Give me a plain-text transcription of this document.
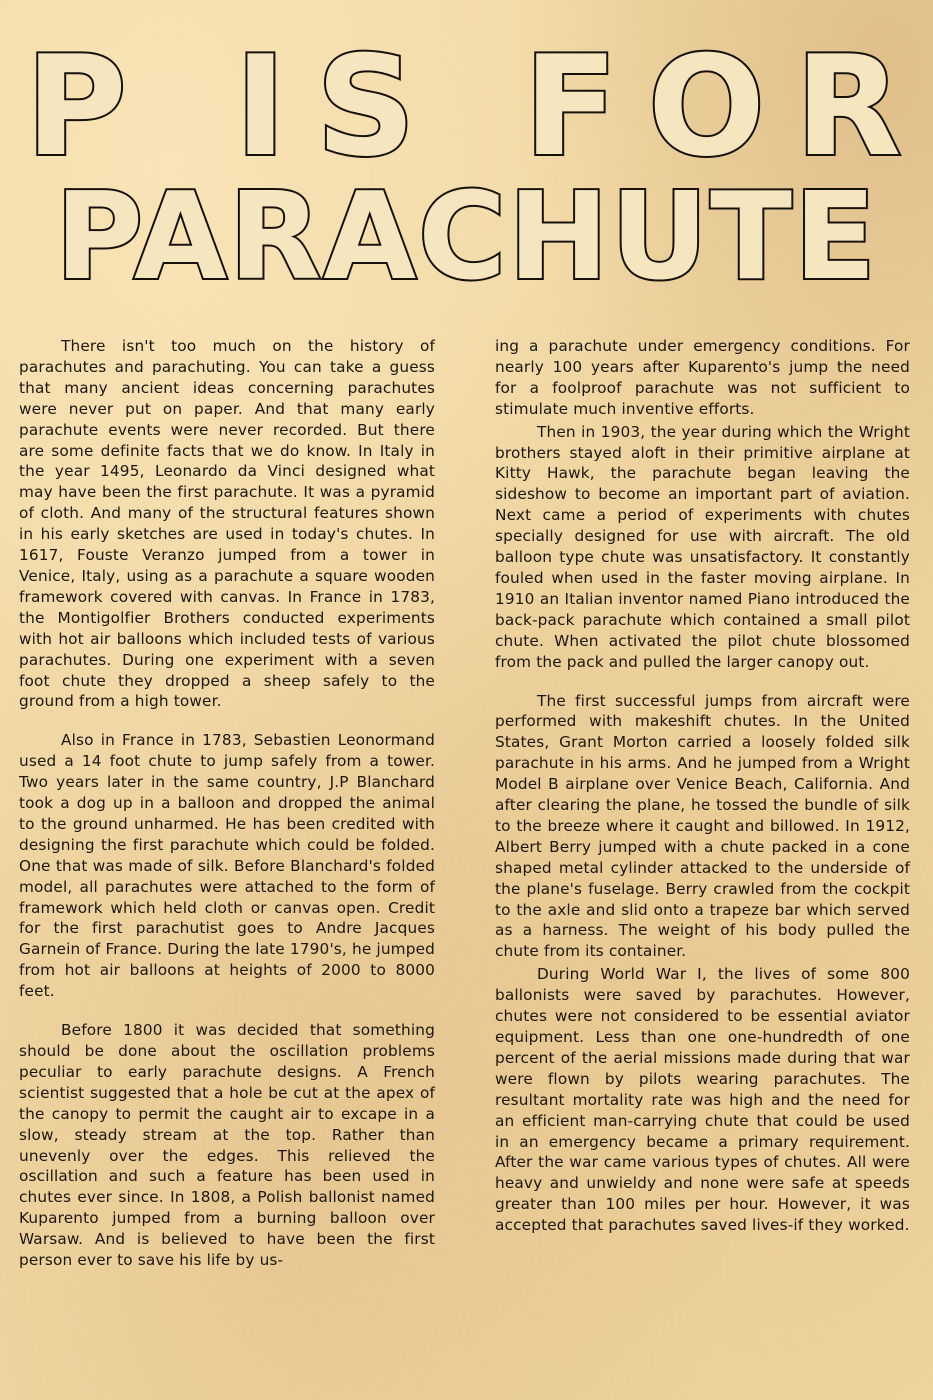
P IS FOR
PARACHUTE

There isn't too much on the history of parachutes and parachuting. You can take a guess that many ancient ideas concerning parachutes were never put on paper. And that many early parachute events were never recorded. But there are some definite facts that we do know. In Italy in the year 1495, Leonardo da Vinci designed what may have been the first parachute. It was a pyramid of cloth. And many of the structural features shown in his early sketches are used in today's chutes. In 1617, Fouste Veranzo jumped from a tower in Venice, Italy, using as a parachute a square wooden framework covered with canvas. In France in 1783, the Montigolfier Brothers conducted experiments with hot air balloons which included tests of various parachutes. During one experiment with a seven foot chute they dropped a sheep safely to the ground from a high tower.

Also in France in 1783, Sebastien Leonormand used a 14 foot chute to jump safely from a tower. Two years later in the same country, J.P Blanchard took a dog up in a balloon and dropped the animal to the ground unharmed. He has been credited with designing the first parachute which could be folded. One that was made of silk. Before Blanchard's folded model, all parachutes were attached to the form of framework which held cloth or canvas open. Credit for the first parachutist goes to Andre Jacques Garnein of France. During the late 1790's, he jumped from hot air balloons at heights of 2000 to 8000 feet.

Before 1800 it was decided that something should be done about the oscillation problems peculiar to early parachute designs. A French scientist suggested that a hole be cut at the apex of the canopy to permit the caught air to excape in a slow, steady stream at the top. Rather than unevenly over the edges. This relieved the oscillation and such a feature has been used in chutes ever since. In 1808, a Polish ballonist named Kuparento jumped from a burning balloon over Warsaw. And is believed to have been the first person ever to save his life by us-

ing a parachute under emergency conditions. For nearly 100 years after Kuparento's jump the need for a foolproof parachute was not sufficient to stimulate much inventive efforts.

Then in 1903, the year during which the Wright brothers stayed aloft in their primitive airplane at Kitty Hawk, the parachute began leaving the sideshow to become an important part of aviation. Next came a period of experiments with chutes specially designed for use with aircraft. The old balloon type chute was unsatisfactory. It constantly fouled when used in the faster moving airplane. In 1910 an Italian inventor named Piano introduced the back-pack parachute which contained a small pilot chute. When activated the pilot chute blossomed from the pack and pulled the larger canopy out.

The first successful jumps from aircraft were performed with makeshift chutes. In the United States, Grant Morton carried a loosely folded silk parachute in his arms. And he jumped from a Wright Model B airplane over Venice Beach, California. And after clearing the plane, he tossed the bundle of silk to the breeze where it caught and billowed. In 1912, Albert Berry jumped with a chute packed in a cone shaped metal cylinder attacked to the underside of the plane's fuselage. Berry crawled from the cockpit to the axle and slid onto a trapeze bar which served as a harness. The weight of his body pulled the chute from its container.

During World War I, the lives of some 800 ballonists were saved by parachutes. However, chutes were not considered to be essential aviator equipment. Less than one one-hundredth of one percent of the aerial missions made during that war were flown by pilots wearing parachutes. The resultant mortality rate was high and the need for an efficient man-carrying chute that could be used in an emergency became a primary requirement. After the war came various types of chutes. All were heavy and unwieldy and none were safe at speeds greater than 100 miles per hour. However, it was accepted that parachutes saved lives-if they worked.
